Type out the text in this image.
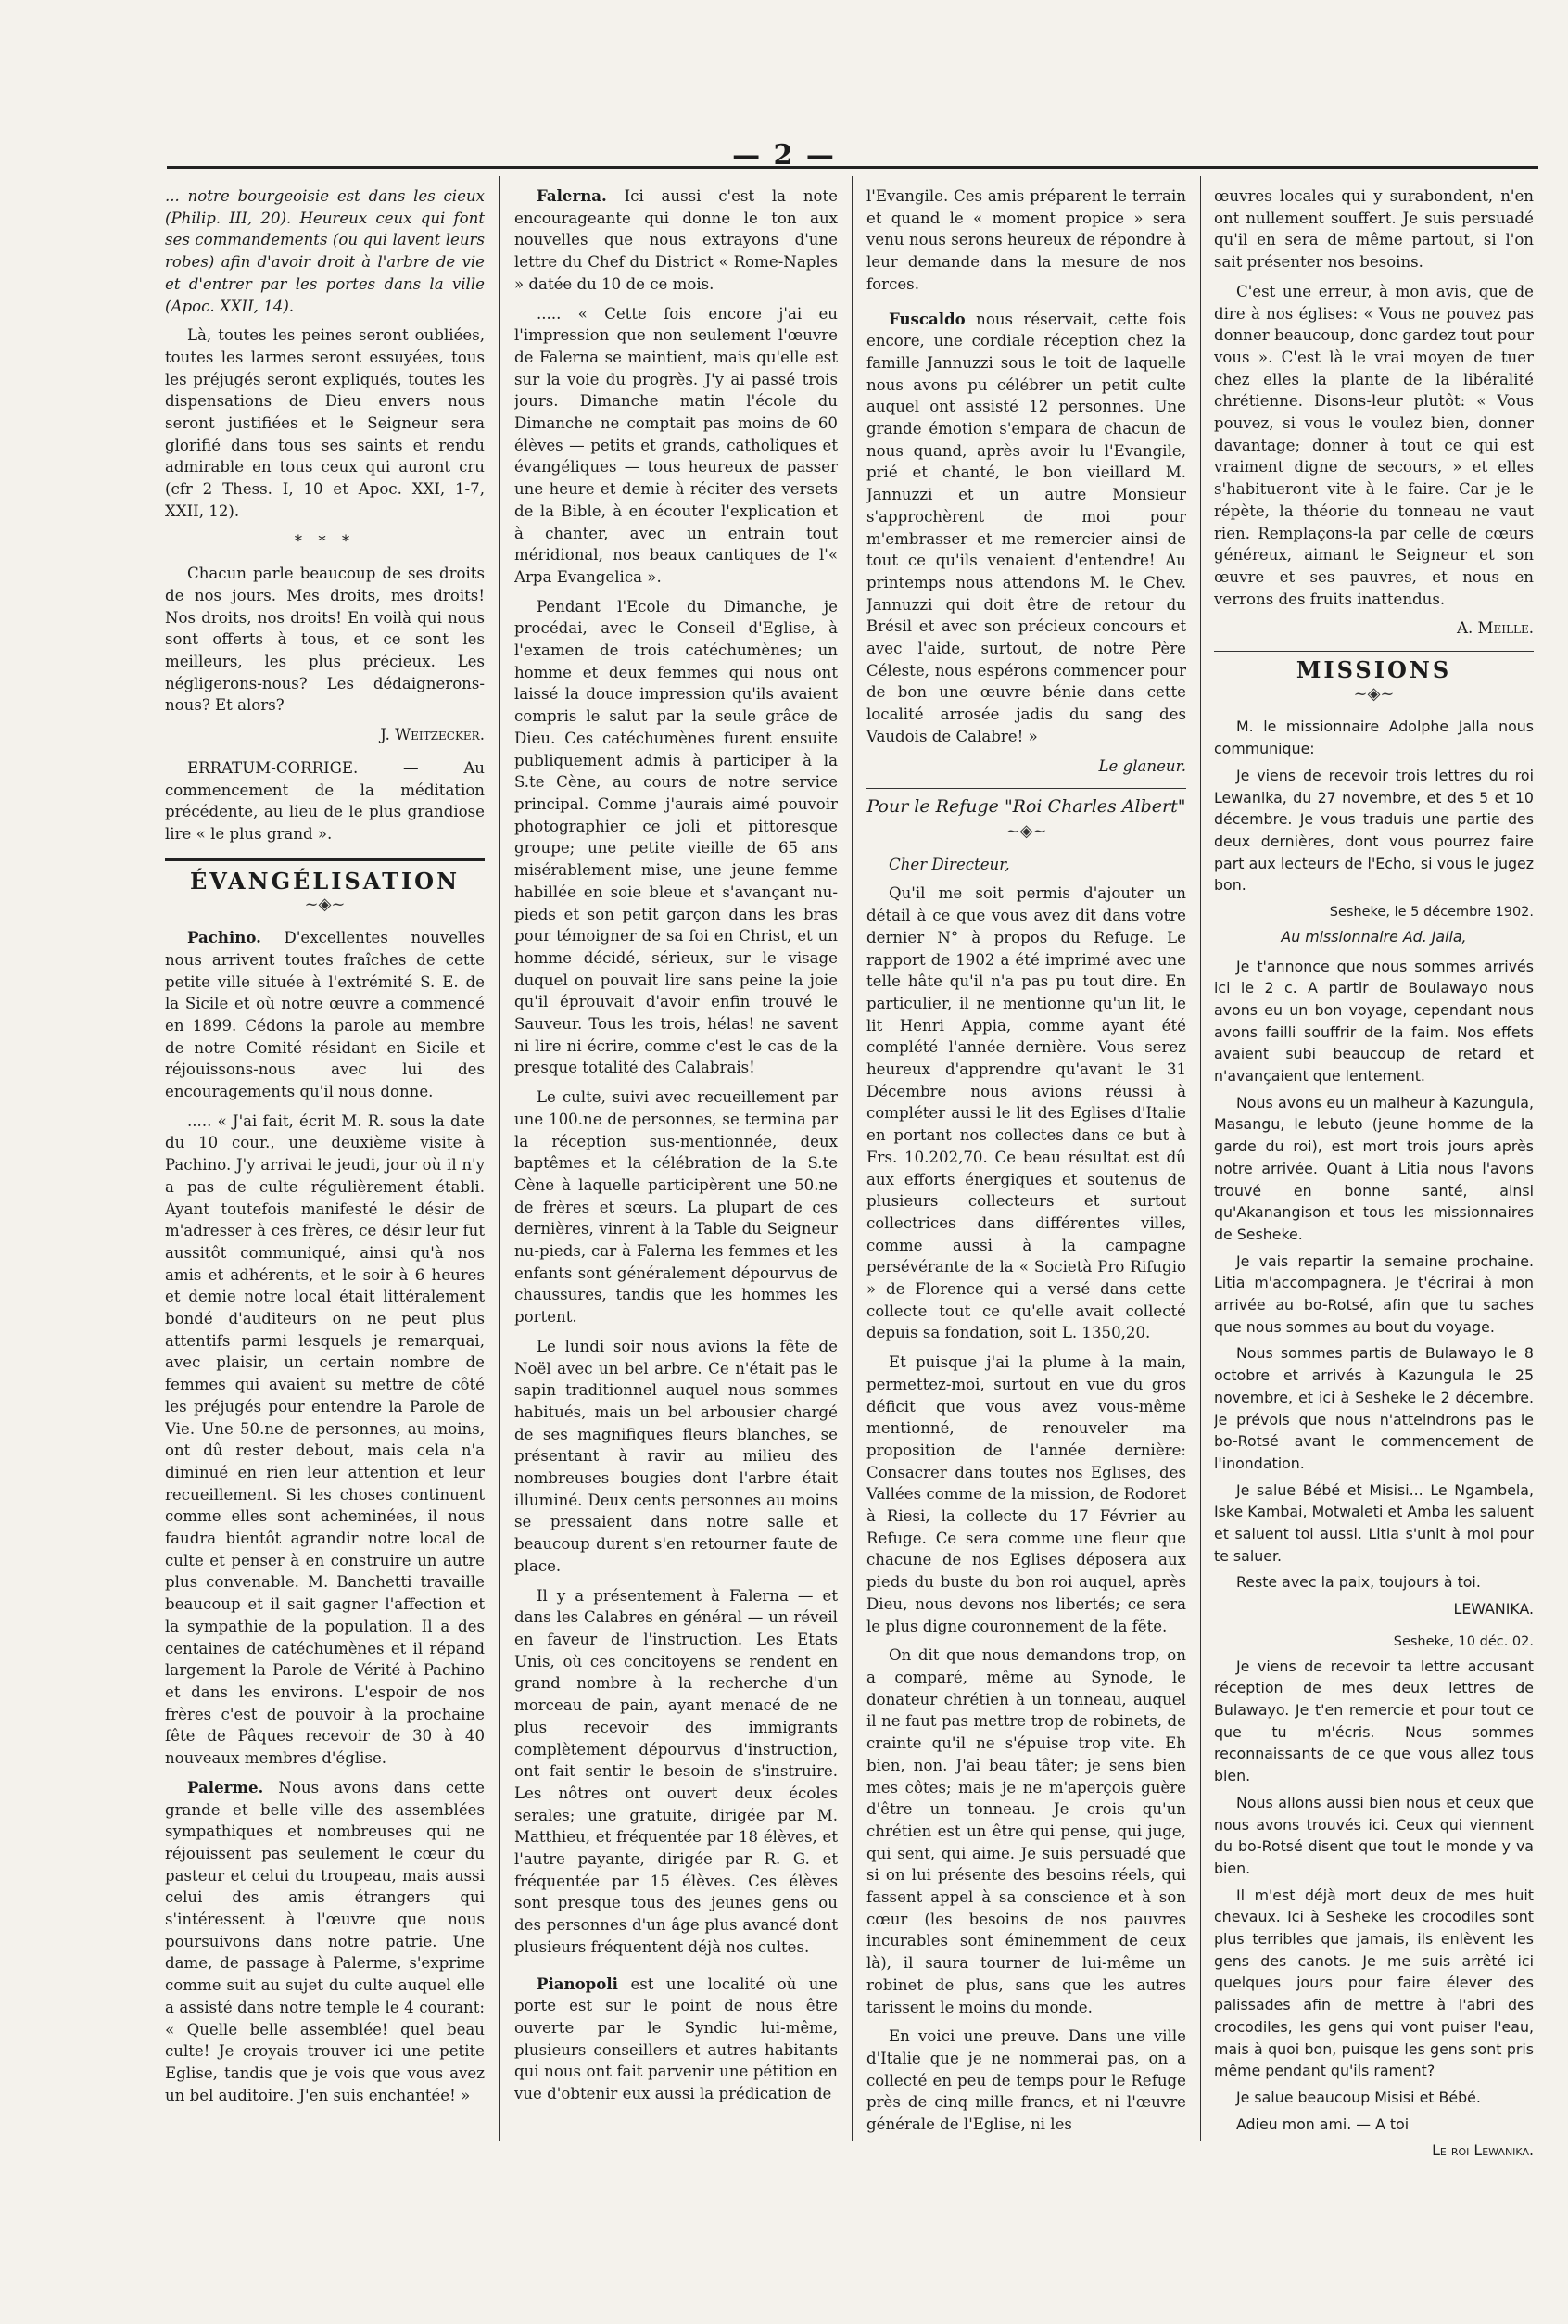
— 2 —

... notre bourgeoisie est dans les cieux (Philip. III, 20). Heureux ceux qui font ses commandements (ou qui lavent leurs robes) afin d'avoir droit à l'arbre de vie et d'entrer par les portes dans la ville (Apoc. XXII, 14).

Là, toutes les peines seront oubliées, toutes les larmes seront essuyées, tous les préjugés seront expliqués, toutes les dispensations de Dieu envers nous seront justifiées et le Seigneur sera glorifié dans tous ses saints et rendu admirable en tous ceux qui auront cru (cfr 2 Thess. I, 10 et Apoc. XXI, 1-7, XXII, 12).

* * *

Chacun parle beaucoup de ses droits de nos jours. Mes droits, mes droits! Nos droits, nos droits! En voilà qui nous sont offerts à tous, et ce sont les meilleurs, les plus précieux. Les négligerons-nous? Les dédaignerons-nous? Et alors?

J. Weitzecker.

ERRATUM-CORRIGE. — Au commencement de la méditation précédente, au lieu de le plus grandiose lire « le plus grand ».

ÉVANGÉLISATION
~◈~

Pachino. D'excellentes nouvelles nous arrivent toutes fraîches de cette petite ville située à l'extrémité S. E. de la Sicile et où notre œuvre a commencé en 1899. Cédons la parole au membre de notre Comité résidant en Sicile et réjouissons-nous avec lui des encouragements qu'il nous donne.

..... « J'ai fait, écrit M. R. sous la date du 10 cour., une deuxième visite à Pachino. J'y arrivai le jeudi, jour où il n'y a pas de culte régulièrement établi. Ayant toutefois manifesté le désir de m'adresser à ces frères, ce désir leur fut aussitôt communiqué, ainsi qu'à nos amis et adhérents, et le soir à 6 heures et demie notre local était littéralement bondé d'auditeurs on ne peut plus attentifs parmi lesquels je remarquai, avec plaisir, un certain nombre de femmes qui avaient su mettre de côté les préjugés pour entendre la Parole de Vie. Une 50.ne de personnes, au moins, ont dû rester debout, mais cela n'a diminué en rien leur attention et leur recueillement. Si les choses continuent comme elles sont acheminées, il nous faudra bientôt agrandir notre local de culte et penser à en construire un autre plus convenable. M. Banchetti travaille beaucoup et il sait gagner l'affection et la sympathie de la population. Il a des centaines de catéchumènes et il répand largement la Parole de Vérité à Pachino et dans les environs. L'espoir de nos frères c'est de pouvoir à la prochaine fête de Pâques recevoir de 30 à 40 nouveaux membres d'église.

Palerme. Nous avons dans cette grande et belle ville des assemblées sympathiques et nombreuses qui ne réjouissent pas seulement le cœur du pasteur et celui du troupeau, mais aussi celui des amis étrangers qui s'intéressent à l'œuvre que nous poursuivons dans notre patrie. Une dame, de passage à Palerme, s'exprime comme suit au sujet du culte auquel elle a assisté dans notre temple le 4 courant: « Quelle belle assemblée! quel beau culte! Je croyais trouver ici une petite Eglise, tandis que je vois que vous avez un bel auditoire. J'en suis enchantée! »

Falerna. Ici aussi c'est la note encourageante qui donne le ton aux nouvelles que nous extrayons d'une lettre du Chef du District « Rome-Naples » datée du 10 de ce mois.

..... « Cette fois encore j'ai eu l'impression que non seulement l'œuvre de Falerna se maintient, mais qu'elle est sur la voie du progrès. J'y ai passé trois jours. Dimanche matin l'école du Dimanche ne comptait pas moins de 60 élèves — petits et grands, catholiques et évangéliques — tous heureux de passer une heure et demie à réciter des versets de la Bible, à en écouter l'explication et à chanter, avec un entrain tout méridional, nos beaux cantiques de l'« Arpa Evangelica ».

Pendant l'Ecole du Dimanche, je procédai, avec le Conseil d'Eglise, à l'examen de trois catéchumènes; un homme et deux femmes qui nous ont laissé la douce impression qu'ils avaient compris le salut par la seule grâce de Dieu. Ces catéchumènes furent ensuite publiquement admis à participer à la S.te Cène, au cours de notre service principal. Comme j'aurais aimé pouvoir photographier ce joli et pittoresque groupe; une petite vieille de 65 ans misérablement mise, une jeune femme habillée en soie bleue et s'avançant nu-pieds et son petit garçon dans les bras pour témoigner de sa foi en Christ, et un homme décidé, sérieux, sur le visage duquel on pouvait lire sans peine la joie qu'il éprouvait d'avoir enfin trouvé le Sauveur. Tous les trois, hélas! ne savent ni lire ni écrire, comme c'est le cas de la presque totalité des Calabrais!

Le culte, suivi avec recueillement par une 100.ne de personnes, se termina par la réception sus-mentionnée, deux baptêmes et la célébration de la S.te Cène à laquelle participèrent une 50.ne de frères et sœurs. La plupart de ces dernières, vinrent à la Table du Seigneur nu-pieds, car à Falerna les femmes et les enfants sont généralement dépourvus de chaussures, tandis que les hommes les portent.

Le lundi soir nous avions la fête de Noël avec un bel arbre. Ce n'était pas le sapin traditionnel auquel nous sommes habitués, mais un bel arbousier chargé de ses magnifiques fleurs blanches, se présentant à ravir au milieu des nombreuses bougies dont l'arbre était illuminé. Deux cents personnes au moins se pressaient dans notre salle et beaucoup durent s'en retourner faute de place.

Il y a présentement à Falerna — et dans les Calabres en général — un réveil en faveur de l'instruction. Les Etats Unis, où ces concitoyens se rendent en grand nombre à la recherche d'un morceau de pain, ayant menacé de ne plus recevoir des immigrants complètement dépourvus d'instruction, ont fait sentir le besoin de s'instruire. Les nôtres ont ouvert deux écoles serales; une gratuite, dirigée par M. Matthieu, et fréquentée par 18 élèves, et l'autre payante, dirigée par R. G. et fréquentée par 15 élèves. Ces élèves sont presque tous des jeunes gens ou des personnes d'un âge plus avancé dont plusieurs fréquentent déjà nos cultes.

Pianopoli est une localité où une porte est sur le point de nous être ouverte par le Syndic lui-même, plusieurs conseillers et autres habitants qui nous ont fait parvenir une pétition en vue d'obtenir eux aussi la prédication de

l'Evangile. Ces amis préparent le terrain et quand le « moment propice » sera venu nous serons heureux de répondre à leur demande dans la mesure de nos forces.

Fuscaldo nous réservait, cette fois encore, une cordiale réception chez la famille Jannuzzi sous le toit de laquelle nous avons pu célébrer un petit culte auquel ont assisté 12 personnes. Une grande émotion s'empara de chacun de nous quand, après avoir lu l'Evangile, prié et chanté, le bon vieillard M. Jannuzzi et un autre Monsieur s'approchèrent de moi pour m'embrasser et me remercier ainsi de tout ce qu'ils venaient d'entendre! Au printemps nous attendons M. le Chev. Jannuzzi qui doit être de retour du Brésil et avec son précieux concours et avec l'aide, surtout, de notre Père Céleste, nous espérons commencer pour de bon une œuvre bénie dans cette localité arrosée jadis du sang des Vaudois de Calabre! »

Le glaneur.
Pour le Refuge "Roi Charles Albert"
~◈~

Cher Directeur,

Qu'il me soit permis d'ajouter un détail à ce que vous avez dit dans votre dernier N° à propos du Refuge. Le rapport de 1902 a été imprimé avec une telle hâte qu'il n'a pas pu tout dire. En particulier, il ne mentionne qu'un lit, le lit Henri Appia, comme ayant été complété l'année dernière. Vous serez heureux d'apprendre qu'avant le 31 Décembre nous avions réussi à compléter aussi le lit des Eglises d'Italie en portant nos collectes dans ce but à Frs. 10.202,70. Ce beau résultat est dû aux efforts énergiques et soutenus de plusieurs collecteurs et surtout collectrices dans différentes villes, comme aussi à la campagne persévérante de la « Società Pro Rifugio » de Florence qui a versé dans cette collecte tout ce qu'elle avait collecté depuis sa fondation, soit L. 1350,20.

Et puisque j'ai la plume à la main, permettez-moi, surtout en vue du gros déficit que vous avez vous-même mentionné, de renouveler ma proposition de l'année dernière: Consacrer dans toutes nos Eglises, des Vallées comme de la mission, de Rodoret à Riesi, la collecte du 17 Février au Refuge. Ce sera comme une fleur que chacune de nos Eglises déposera aux pieds du buste du bon roi auquel, après Dieu, nous devons nos libertés; ce sera le plus digne couronnement de la fête.

On dit que nous demandons trop, on a comparé, même au Synode, le donateur chrétien à un tonneau, auquel il ne faut pas mettre trop de robinets, de crainte qu'il ne s'épuise trop vite. Eh bien, non. J'ai beau tâter; je sens bien mes côtes; mais je ne m'aperçois guère d'être un tonneau. Je crois qu'un chrétien est un être qui pense, qui juge, qui sent, qui aime. Je suis persuadé que si on lui présente des besoins réels, qui fassent appel à sa conscience et à son cœur (les besoins de nos pauvres incurables sont éminemment de ceux là), il saura tourner de lui-même un robinet de plus, sans que les autres tarissent le moins du monde.

En voici une preuve. Dans une ville d'Italie que je ne nommerai pas, on a collecté en peu de temps pour le Refuge près de cinq mille francs, et ni l'œuvre générale de l'Eglise, ni les

œuvres locales qui y surabondent, n'en ont nullement souffert. Je suis persuadé qu'il en sera de même partout, si l'on sait présenter nos besoins.

C'est une erreur, à mon avis, que de dire à nos églises: « Vous ne pouvez pas donner beaucoup, donc gardez tout pour vous ». C'est là le vrai moyen de tuer chez elles la plante de la libéralité chrétienne. Disons-leur plutôt: « Vous pouvez, si vous le voulez bien, donner davantage; donner à tout ce qui est vraiment digne de secours, » et elles s'habitueront vite à le faire. Car je le répète, la théorie du tonneau ne vaut rien. Remplaçons-la par celle de cœurs généreux, aimant le Seigneur et son œuvre et ses pauvres, et nous en verrons des fruits inattendus.

A. Meille.
MISSIONS
~◈~

M. le missionnaire Adolphe Jalla nous communique:

Je viens de recevoir trois lettres du roi Lewanika, du 27 novembre, et des 5 et 10 décembre. Je vous traduis une partie des deux dernières, dont vous pourrez faire part aux lecteurs de l'Echo, si vous le jugez bon.

Sesheke, le 5 décembre 1902.
Au missionnaire Ad. Jalla,

Je t'annonce que nous sommes arrivés ici le 2 c. A partir de Boulawayo nous avons eu un bon voyage, cependant nous avons failli souffrir de la faim. Nos effets avaient subi beaucoup de retard et n'avançaient que lentement.

Nous avons eu un malheur à Kazungula, Masangu, le lebuto (jeune homme de la garde du roi), est mort trois jours après notre arrivée. Quant à Litia nous l'avons trouvé en bonne santé, ainsi qu'Akanangison et tous les missionnaires de Sesheke.

Je vais repartir la semaine prochaine. Litia m'accompagnera. Je t'écrirai à mon arrivée au bo-Rotsé, afin que tu saches que nous sommes au bout du voyage.

Nous sommes partis de Bulawayo le 8 octobre et arrivés à Kazungula le 25 novembre, et ici à Sesheke le 2 décembre. Je prévois que nous n'atteindrons pas le bo-Rotsé avant le commencement de l'inondation.

Je salue Bébé et Misisi... Le Ngambela, Iske Kambai, Motwaleti et Amba les saluent et saluent toi aussi. Litia s'unit à moi pour te saluer.

Reste avec la paix, toujours à toi.

LEWANIKA.
Sesheke, 10 déc. 02.

Je viens de recevoir ta lettre accusant réception de mes deux lettres de Bulawayo. Je t'en remercie et pour tout ce que tu m'écris. Nous sommes reconnaissants de ce que vous allez tous bien.

Nous allons aussi bien nous et ceux que nous avons trouvés ici. Ceux qui viennent du bo-Rotsé disent que tout le monde y va bien.

Il m'est déjà mort deux de mes huit chevaux. Ici à Sesheke les crocodiles sont plus terribles que jamais, ils enlèvent les gens des canots. Je me suis arrêté ici quelques jours pour faire élever des palissades afin de mettre à l'abri des crocodiles, les gens qui vont puiser l'eau, mais à quoi bon, puisque les gens sont pris même pendant qu'ils rament?

Je salue beaucoup Misisi et Bébé.

Adieu mon ami. — A toi

Le roi Lewanika.
